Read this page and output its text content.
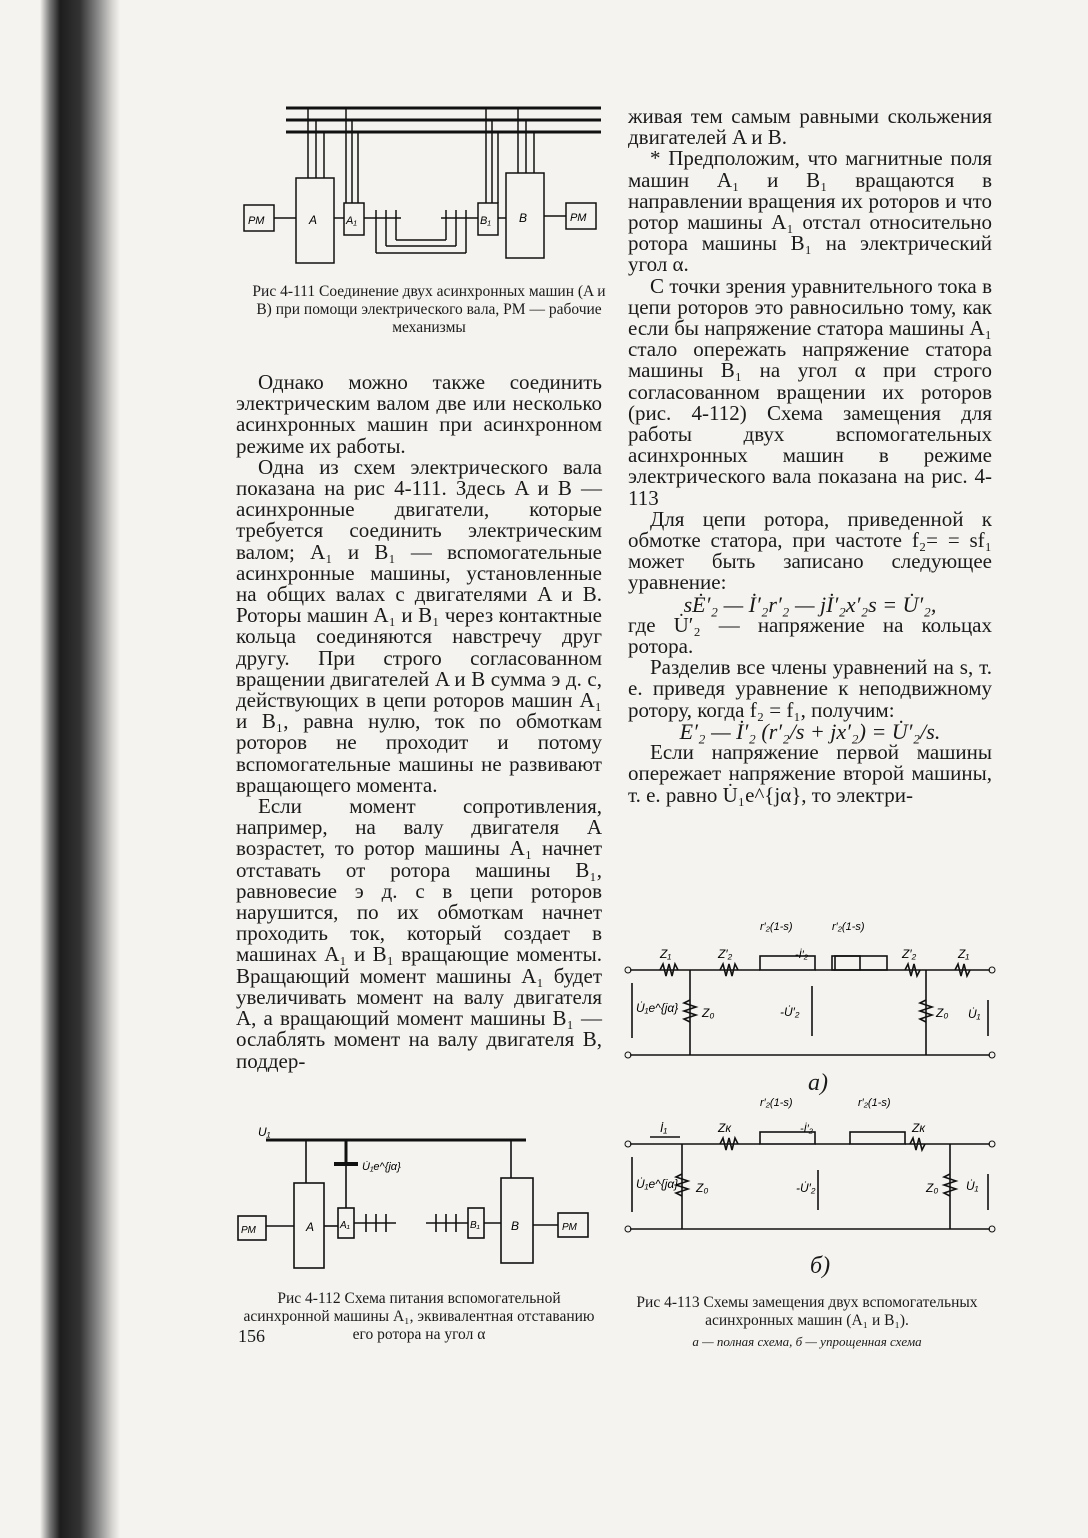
РМ	А	А₁	В₁ В	РМ
Рис 4-111 Соединение двух асинхронных машин (A и B) при помощи электрического вала, РМ — рабочие механизмы

Однако можно также соединить электрическим валом две или несколько асинхронных машин при асинхронном режиме их работы.

Одна из схем электрического вала показана на рис 4-111. Здесь A и B — асинхронные двигатели, которые требуется соединить электрическим валом; A₁ и B₁ — вспомогательные асинхронные машины, установленные на общих валах с двигателями A и B. Роторы машин A₁ и B₁ через контактные кольца соединяются навстречу друг другу. При строго согласованном вращении двигателей A и B сумма э д. с, действующих в цепи роторов машин A₁ и B₁, равна нулю, ток по обмоткам роторов не проходит и потому вспомогательные машины не развивают вращающего момента.

Если момент сопротивления, например, на валу двигателя A возрастет, то ротор машины A₁ начнет отставать от ротора машины B₁, равновесие э д. с в цепи роторов нарушится, по их обмоткам начнет проходить ток, который создает в машинах A₁ и B₁ вращающие моменты. Вращающий момент машины A₁ будет увеличивать момент на валу двигателя A, а вращающий момент машины B₁ — ослаблять момент на валу двигателя B, поддер-

живая тем самым равными скольжения двигателей A и B.

* Предположим, что магнитные поля машин A₁ и B₁ вращаются в направлении вращения их роторов и что ротор машины A₁ отстал относительно ротора машины B₁ на электрический угол α.

С точки зрения уравнительного тока в цепи роторов это равносильно тому, как если бы напряжение статора машины A₁ стало опережать напряжение статора машины B₁ на угол α при строго согласованном вращении их роторов (рис. 4-112) Схема замещения для работы двух вспомогательных асинхронных машин в режиме электрического вала показана на рис. 4-113

Для цепи ротора, приведенной к обмотке статора, при частоте f₂= = sf₁ может быть записано следующее уравнение:

sĖ′₂ — İ′₂r′₂ — jİ′₂x′₂s = U̇′₂,

где U̇′₂ — напряжение на кольцах ротора.

Разделив все члены уравнений на s, т. е. приведя уравнение к неподвижному ротору, когда f₂ = f₁, получим:

E′₂ — İ′₂ (r′₂/s + jx′₂) = U̇′₂/s.

Если напряжение первой машины опережает напряжение второй машины, т. е. равно U̇₁e^{jα}, то электри-

U₁
U̇₁e^{jα}
РМ	А	А₁	В₁	В	РМ
Рис 4-112 Схема питания вспомогательной асинхронной машины A₁, эквивалентная отставанию его ротора на угол α
156
Z₁	Z′₂
r′₂(1-s)	r′₂(1-s)
-İ′₂	Z′₂	Z₁
U̇₁e^{jα} Z₀	-U̇′₂	Z₀ U̇₁
а)
İ₁	Zк
r′₂(1-s)	r′₂(1-s)
-İ′₂	Zк
U̇₁e^{jα} Z₀	-U̇′₂	Z₀ U̇₁
б)
Рис 4-113 Схемы замещения двух вспомогательных асинхронных машин (A₁ и B₁).
а — полная схема, б — упрощенная схема
